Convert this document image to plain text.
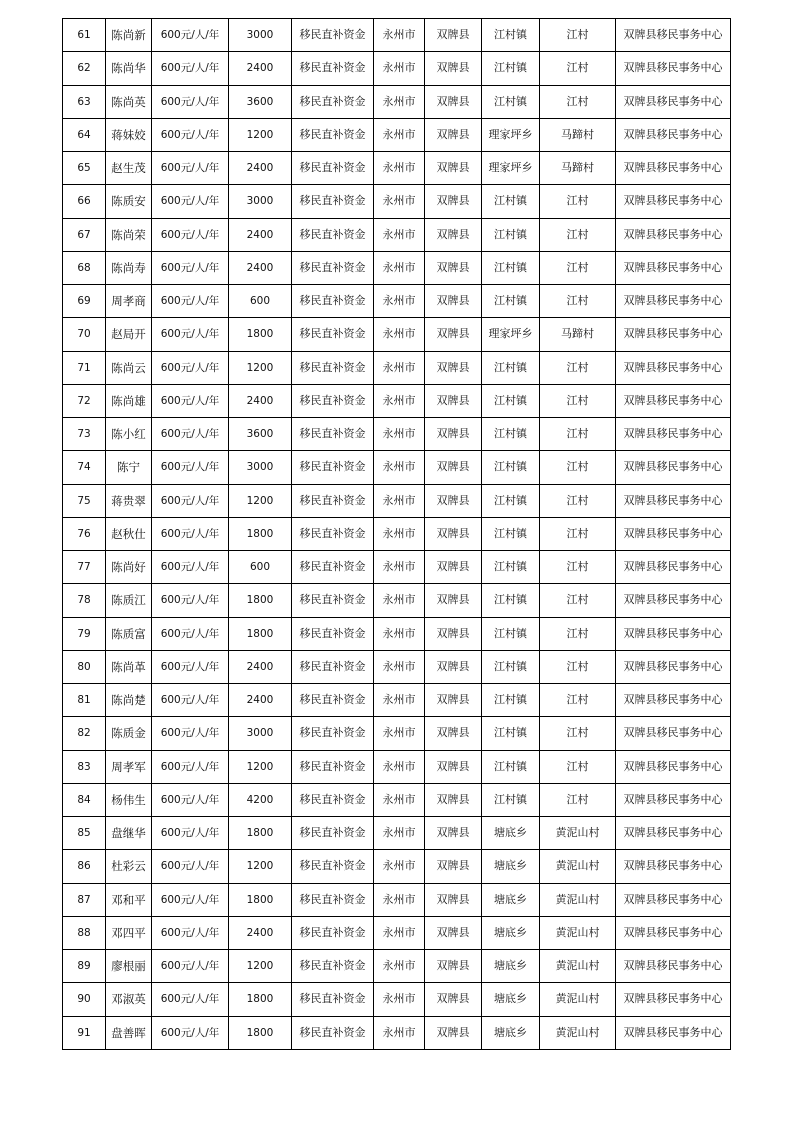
61	陈尚新	600元/人/年	3000	移民直补资金	永州市	双牌县	江村镇	江村	双牌县移民事务中心
62	陈尚华	600元/人/年	2400	移民直补资金	永州市	双牌县	江村镇	江村	双牌县移民事务中心
63	陈尚英	600元/人/年	3600	移民直补资金	永州市	双牌县	江村镇	江村	双牌县移民事务中心
64	蒋妹姣	600元/人/年	1200	移民直补资金	永州市	双牌县	理家坪乡	马蹄村	双牌县移民事务中心
65	赵生茂	600元/人/年	2400	移民直补资金	永州市	双牌县	理家坪乡	马蹄村	双牌县移民事务中心
66	陈质安	600元/人/年	3000	移民直补资金	永州市	双牌县	江村镇	江村	双牌县移民事务中心
67	陈尚荣	600元/人/年	2400	移民直补资金	永州市	双牌县	江村镇	江村	双牌县移民事务中心
68	陈尚寿	600元/人/年	2400	移民直补资金	永州市	双牌县	江村镇	江村	双牌县移民事务中心
69	周孝商	600元/人/年	600	移民直补资金	永州市	双牌县	江村镇	江村	双牌县移民事务中心
70	赵局开	600元/人/年	1800	移民直补资金	永州市	双牌县	理家坪乡	马蹄村	双牌县移民事务中心
71	陈尚云	600元/人/年	1200	移民直补资金	永州市	双牌县	江村镇	江村	双牌县移民事务中心
72	陈尚雄	600元/人/年	2400	移民直补资金	永州市	双牌县	江村镇	江村	双牌县移民事务中心
73	陈小红	600元/人/年	3600	移民直补资金	永州市	双牌县	江村镇	江村	双牌县移民事务中心
74	陈宁	600元/人/年	3000	移民直补资金	永州市	双牌县	江村镇	江村	双牌县移民事务中心
75	蒋贵翠	600元/人/年	1200	移民直补资金	永州市	双牌县	江村镇	江村	双牌县移民事务中心
76	赵秋仕	600元/人/年	1800	移民直补资金	永州市	双牌县	江村镇	江村	双牌县移民事务中心
77	陈尚好	600元/人/年	600	移民直补资金	永州市	双牌县	江村镇	江村	双牌县移民事务中心
78	陈质江	600元/人/年	1800	移民直补资金	永州市	双牌县	江村镇	江村	双牌县移民事务中心
79	陈质富	600元/人/年	1800	移民直补资金	永州市	双牌县	江村镇	江村	双牌县移民事务中心
80	陈尚革	600元/人/年	2400	移民直补资金	永州市	双牌县	江村镇	江村	双牌县移民事务中心
81	陈尚楚	600元/人/年	2400	移民直补资金	永州市	双牌县	江村镇	江村	双牌县移民事务中心
82	陈质金	600元/人/年	3000	移民直补资金	永州市	双牌县	江村镇	江村	双牌县移民事务中心
83	周孝军	600元/人/年	1200	移民直补资金	永州市	双牌县	江村镇	江村	双牌县移民事务中心
84	杨伟生	600元/人/年	4200	移民直补资金	永州市	双牌县	江村镇	江村	双牌县移民事务中心
85	盘继华	600元/人/年	1800	移民直补资金	永州市	双牌县	塘底乡	黄泥山村	双牌县移民事务中心
86	杜彩云	600元/人/年	1200	移民直补资金	永州市	双牌县	塘底乡	黄泥山村	双牌县移民事务中心
87	邓和平	600元/人/年	1800	移民直补资金	永州市	双牌县	塘底乡	黄泥山村	双牌县移民事务中心
88	邓四平	600元/人/年	2400	移民直补资金	永州市	双牌县	塘底乡	黄泥山村	双牌县移民事务中心
89	廖根丽	600元/人/年	1200	移民直补资金	永州市	双牌县	塘底乡	黄泥山村	双牌县移民事务中心
90	邓淑英	600元/人/年	1800	移民直补资金	永州市	双牌县	塘底乡	黄泥山村	双牌县移民事务中心
91	盘善晖	600元/人/年	1800	移民直补资金	永州市	双牌县	塘底乡	黄泥山村	双牌县移民事务中心
